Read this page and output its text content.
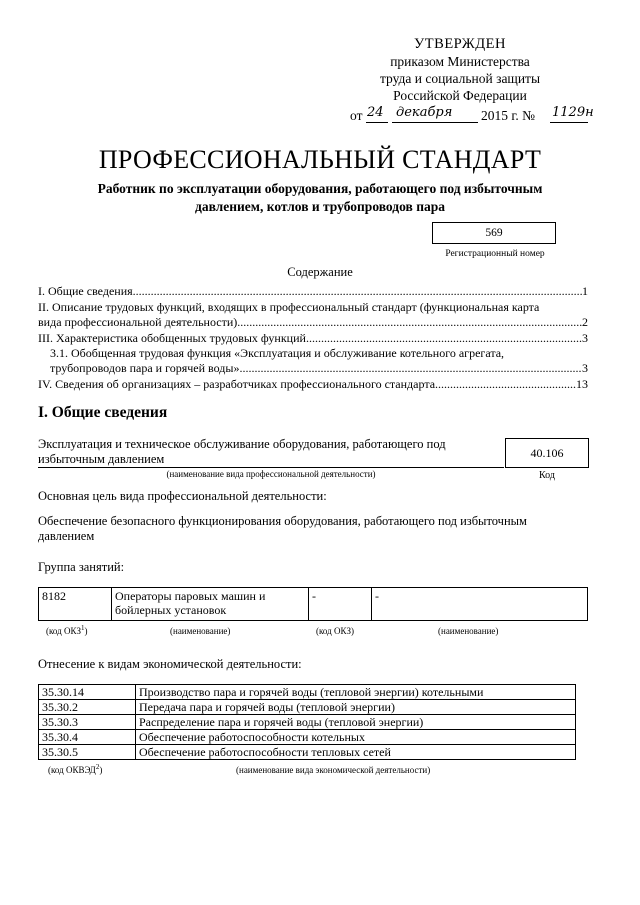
УТВЕРЖДЕН
приказом Министерства
труда и социальной защиты
Российской Федерации
от 24 декабря 2015 г. № 1129н
ПРОФЕССИОНАЛЬНЫЙ СТАНДАРТ
Работник по эксплуатации оборудования, работающего под избыточным
давлением, котлов и трубопроводов пара
569
Регистрационный номер
Содержание
I. Общие сведения .....	1
II. Описание трудовых функций, входящих в профессиональный стандарт (функциональная карта
вида профессиональной деятельности) .....	2
III. Характеристика обобщенных трудовых функций .....	3
3.1. Обобщенная трудовая функция «Эксплуатация и обслуживание котельного агрегата,
трубопроводов пара и горячей воды» .....	3
IV. Сведения об организациях – разработчиках профессионального стандарта .....	13
I. Общие сведения
Эксплуатация и техническое обслуживание оборудования, работающего под
избыточным давлением
(наименование вида профессиональной деятельности)
40.106
Код
Основная цель вида профессиональной деятельности:
Обеспечение безопасного функционирования оборудования, работающего под избыточным
давлением
Группа занятий:
8182	Операторы паровых машин и
бойлерных установок
	-	-
(код ОКЗ$^1$)	(наименование)	(код ОКЗ)	(наименование)
Отнесение к видам экономической деятельности:
35.30.14	Производство пара и горячей воды (тепловой энергии) котельными
35.30.2	Передача пара и горячей воды (тепловой энергии)
35.30.3	Распределение пара и горячей воды (тепловой энергии)
35.30.4	Обеспечение работоспособности котельных
35.30.5	Обеспечение работоспособности тепловых сетей
(код ОКВЭД$^2$)	(наименование вида экономической деятельности)
